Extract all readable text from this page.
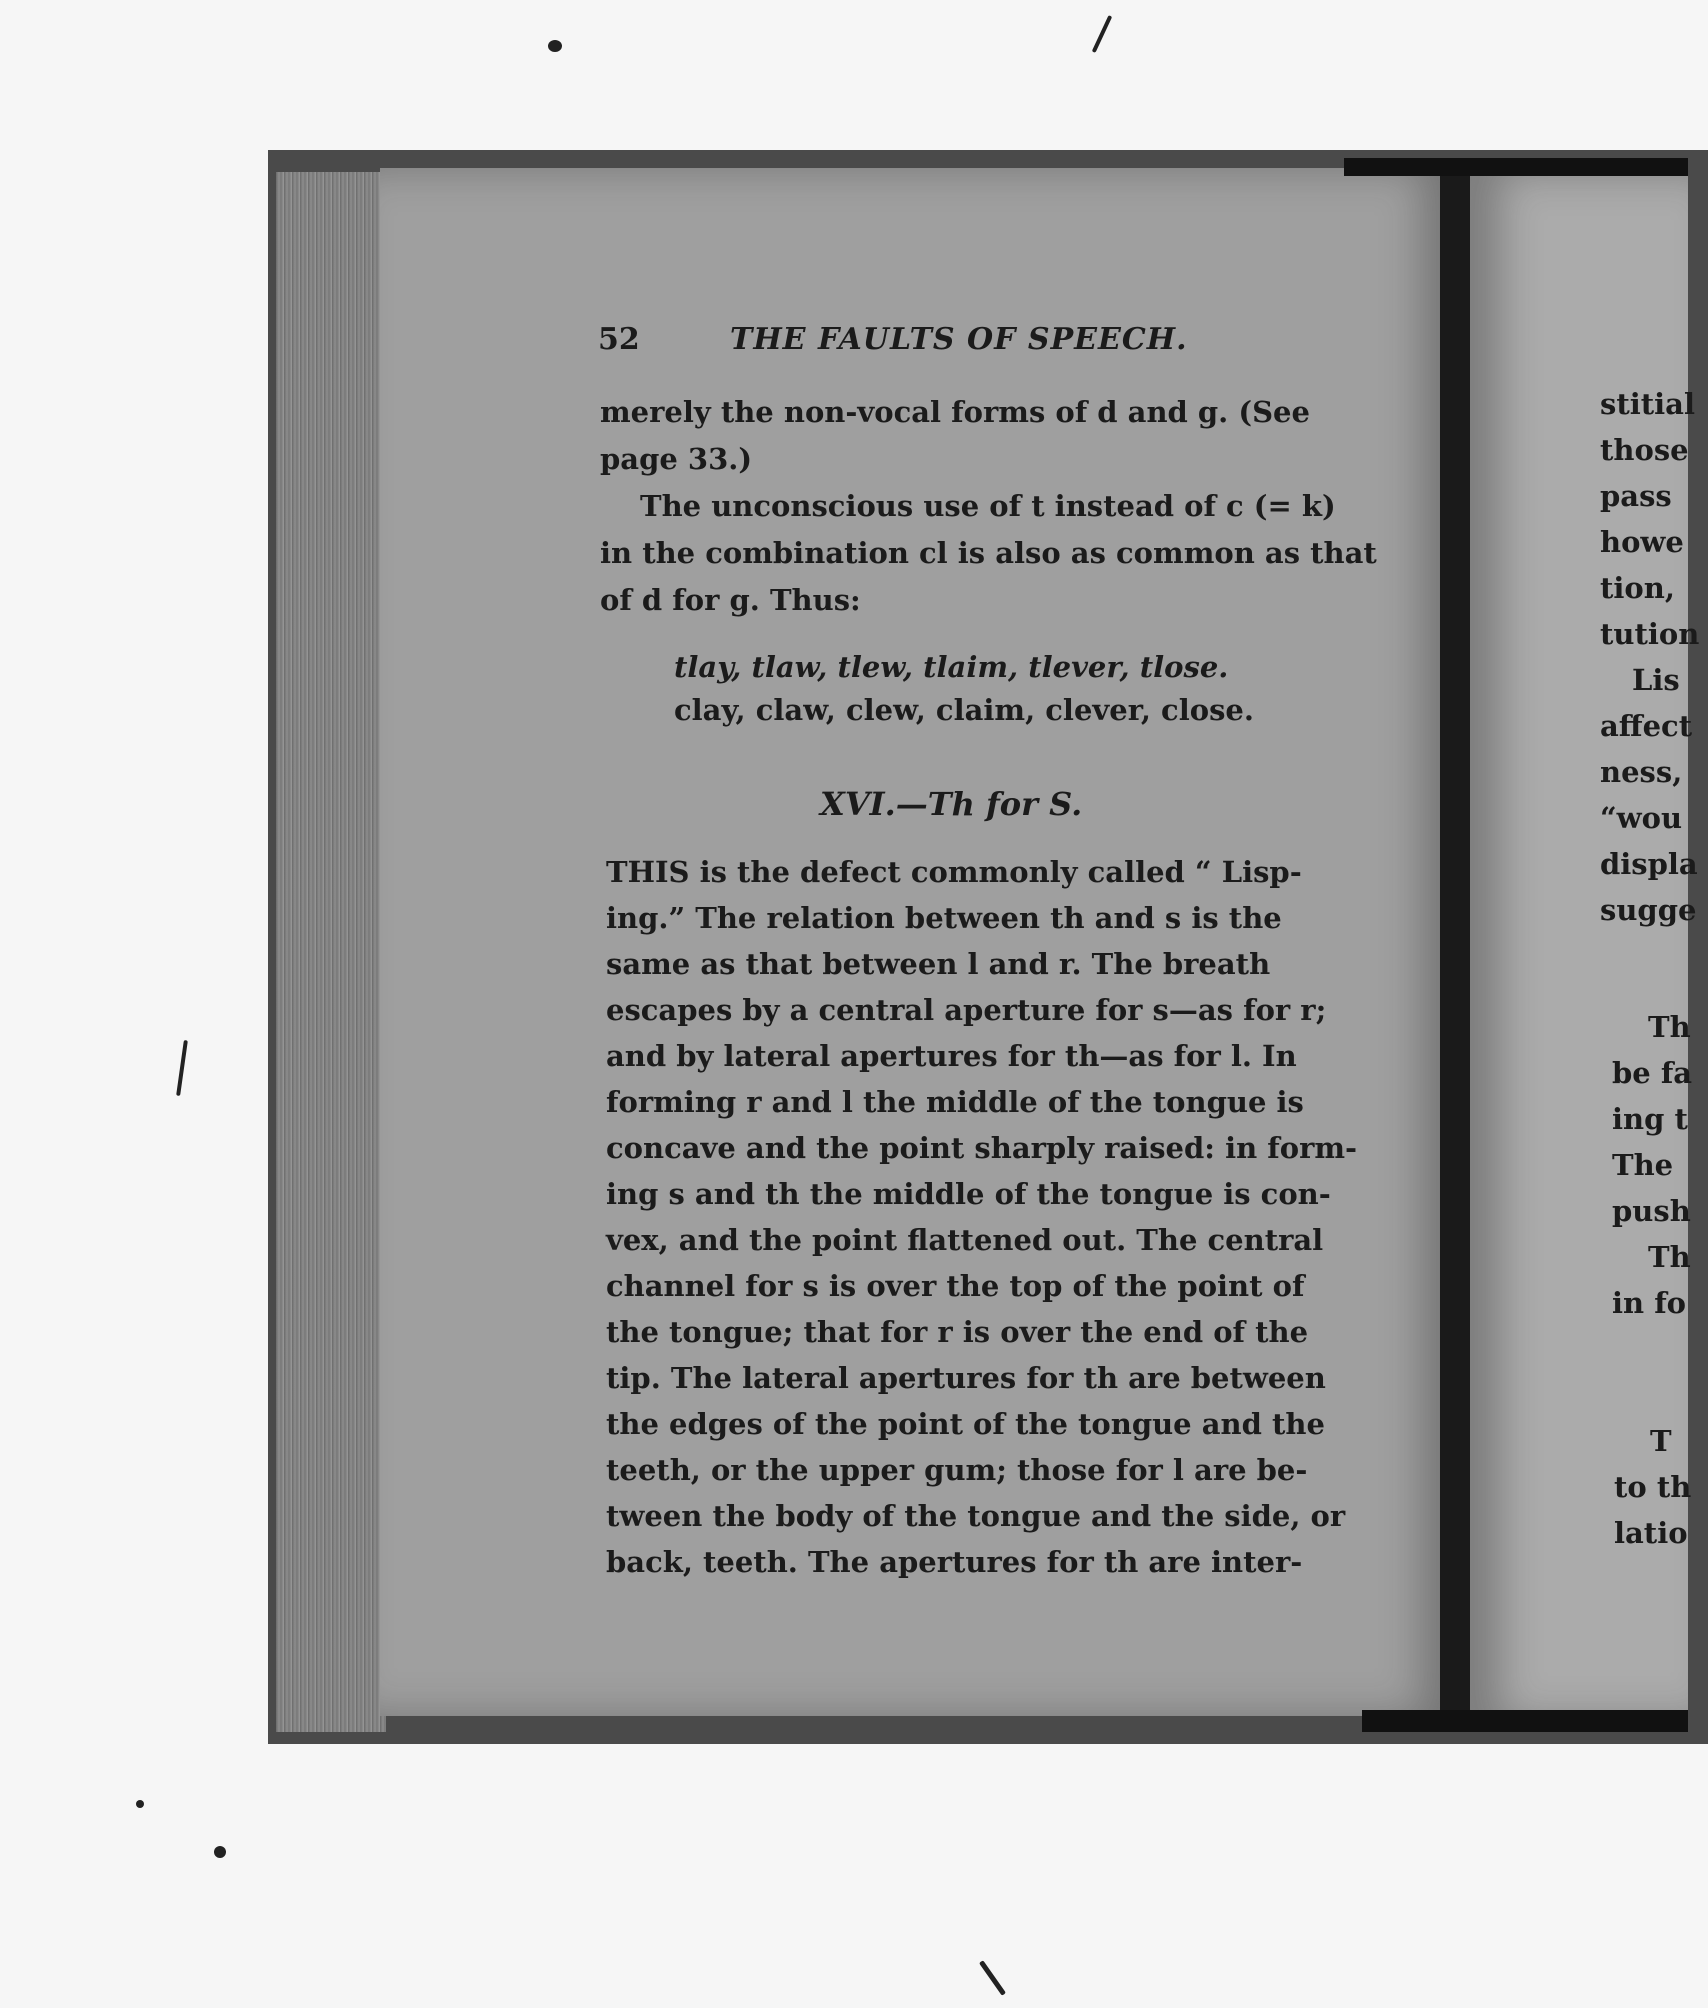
52	THE FAULTS OF SPEECH.
merely the non-vocal forms of d and g. (See
page 33.)
The unconscious use of t instead of c (= k)
in the combination cl is also as common as that
of d for g. Thus:
tlay, tlaw, tlew, tlaim, tlever, tlose.
clay, claw, clew, claim, clever, close.
XVI.—Th for S.
THIS is the defect commonly called “ Lisp-
ing.” The relation between th and s is the
same as that between l and r. The breath
escapes by a central aperture for s—as for r;
and by lateral apertures for th—as for l. In
forming r and l the middle of the tongue is
concave and the point sharply raised: in form-
ing s and th the middle of the tongue is con-
vex, and the point flattened out. The central
channel for s is over the top of the point of
the tongue; that for r is over the end of the
tip. The lateral apertures for th are between
the edges of the point of the tongue and the
teeth, or the upper gum; those for l are be-
tween the body of the tongue and the side, or
back, teeth. The apertures for th are inter-
stitial
those
pass
howe
tion,
tution
Lis
affect
ness,
“wou
displa
sugge
Th
be fa
ing t
The
push
Th
in fo
T
to th
latio
